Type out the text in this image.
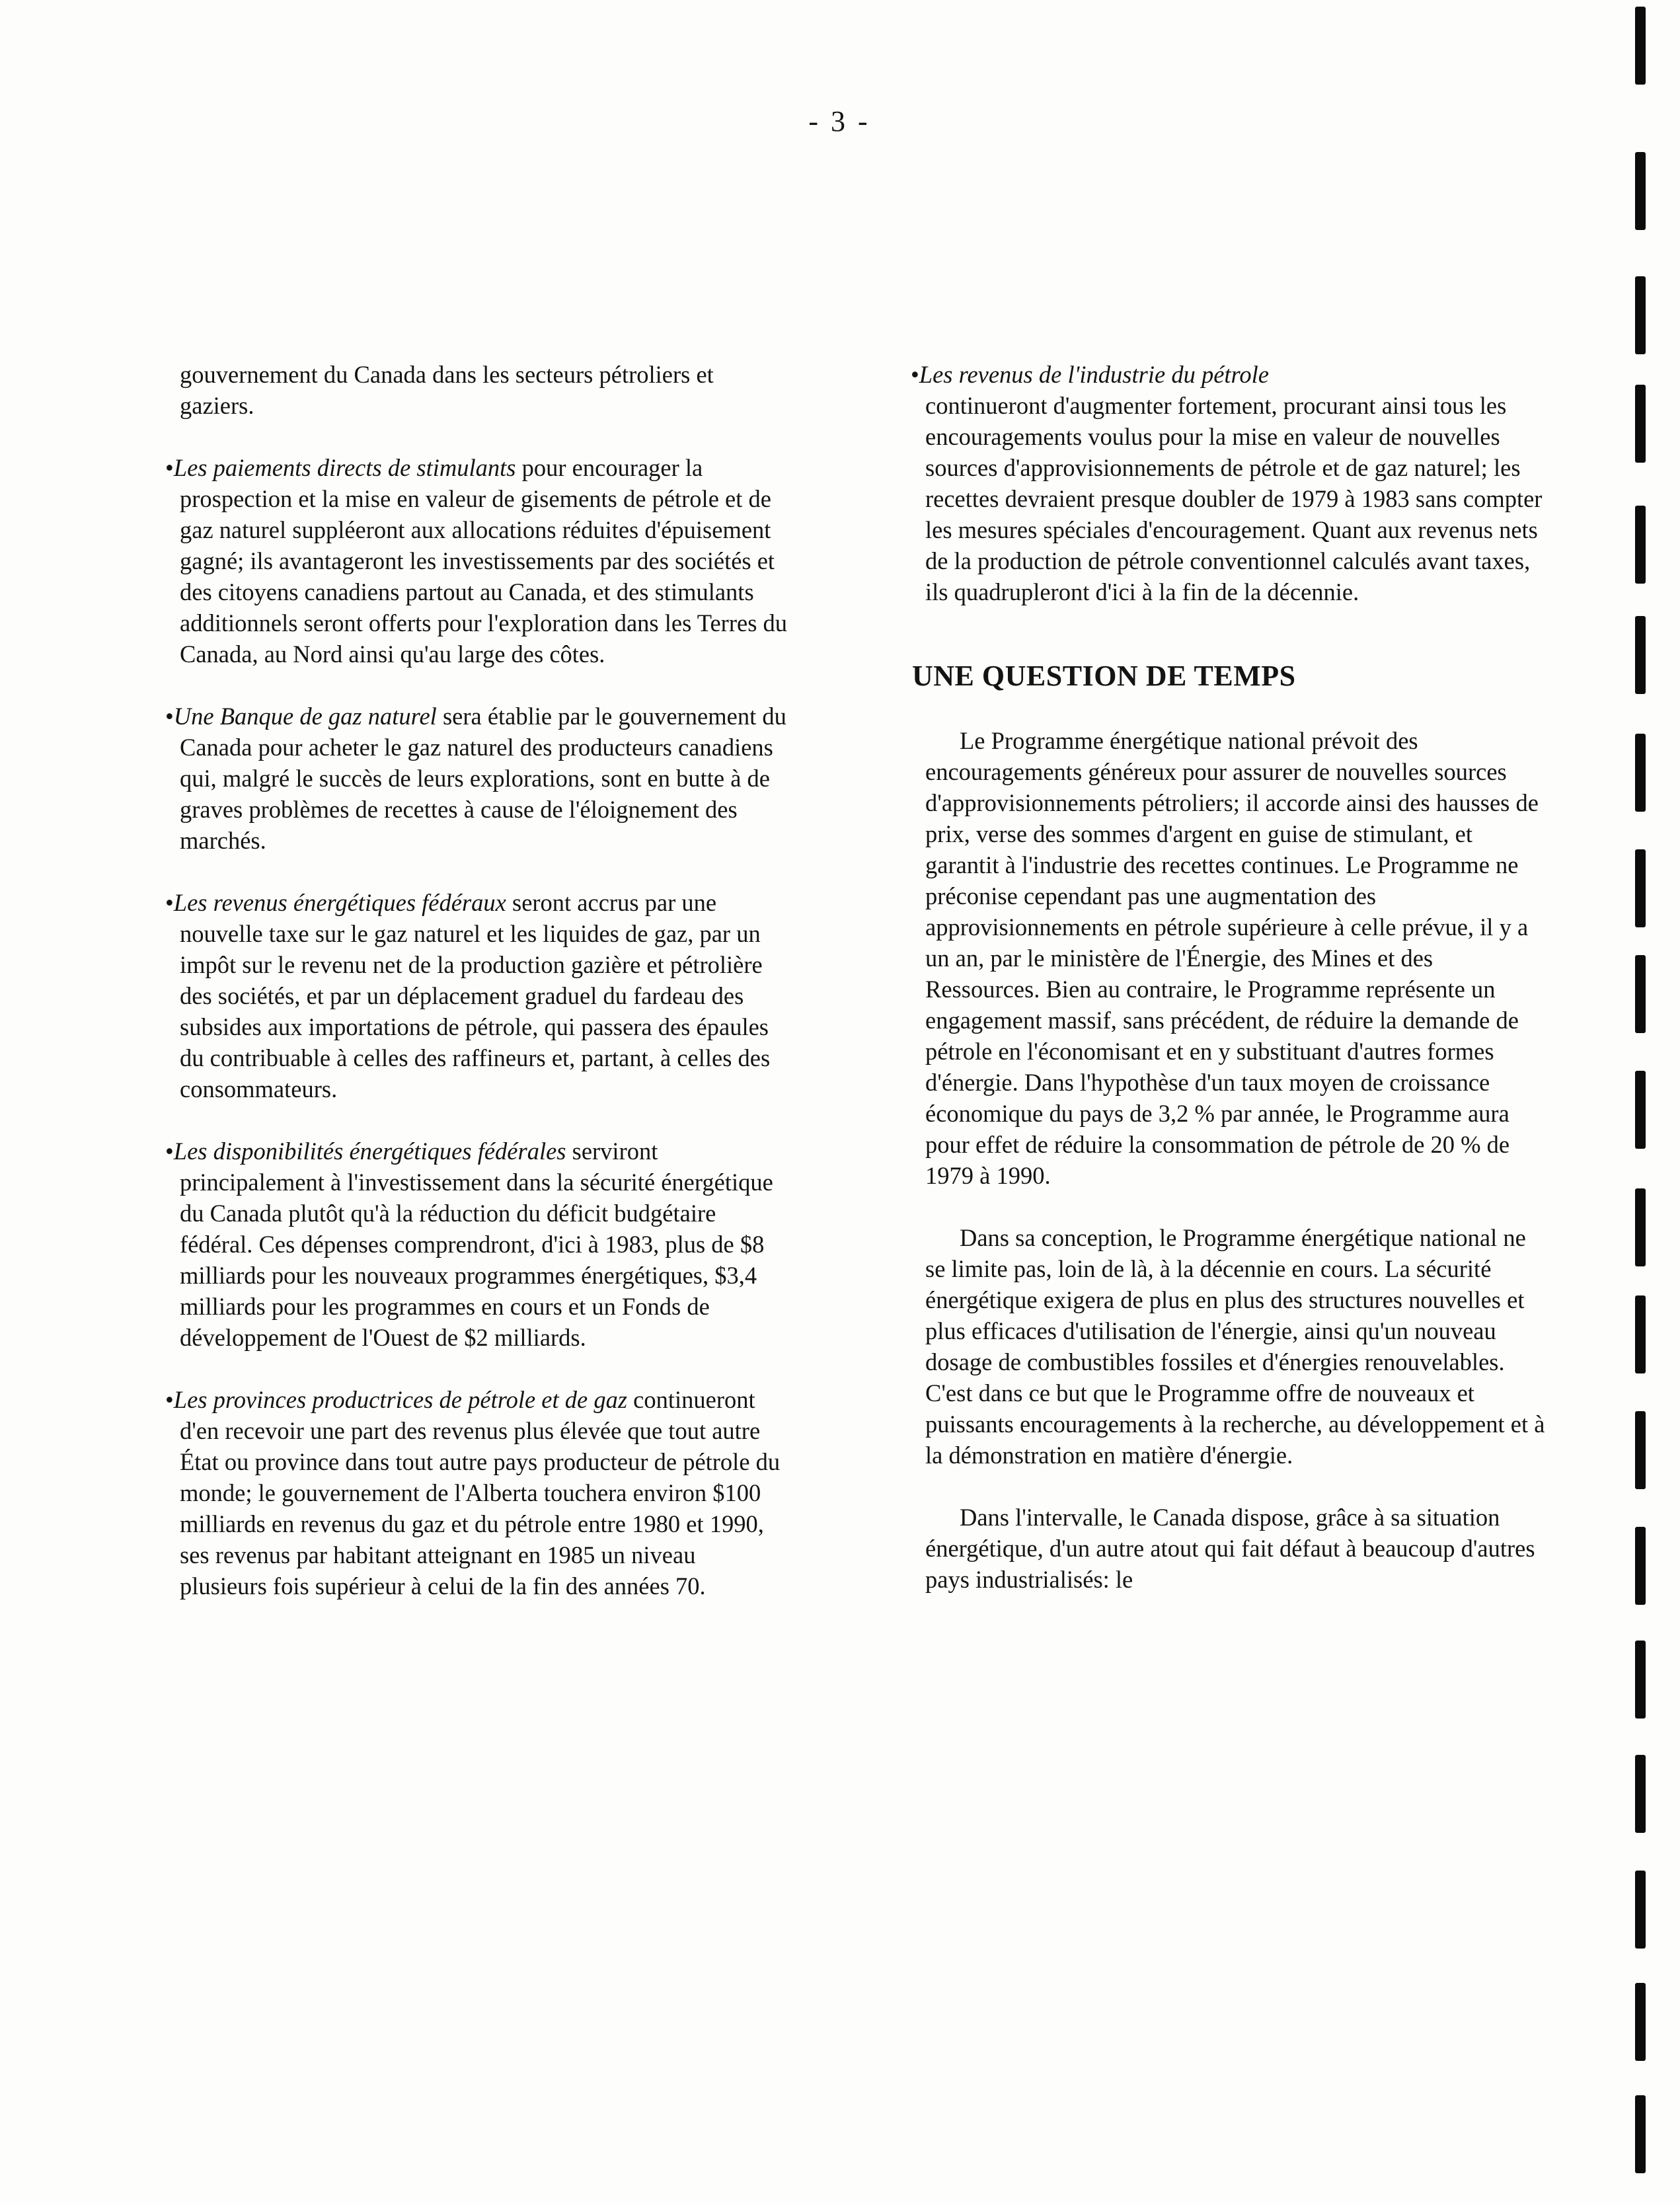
- 3 -
gouvernement du Canada dans les secteurs pétroliers et gaziers.
•Les paiements directs de stimulants pour encourager la prospection et la mise en valeur de gisements de pétrole et de gaz naturel suppléeront aux allocations réduites d'épuisement gagné; ils avantageront les investissements par des sociétés et des citoyens canadiens partout au Canada, et des stimulants additionnels seront offerts pour l'exploration dans les Terres du Canada, au Nord ainsi qu'au large des côtes.
•Une Banque de gaz naturel sera établie par le gouvernement du Canada pour acheter le gaz naturel des producteurs canadiens qui, malgré le succès de leurs explorations, sont en butte à de graves problèmes de recettes à cause de l'éloignement des marchés.
•Les revenus énergétiques fédéraux seront accrus par une nouvelle taxe sur le gaz naturel et les liquides de gaz, par un impôt sur le revenu net de la production gazière et pétrolière des sociétés, et par un déplacement graduel du fardeau des subsides aux importations de pétrole, qui passera des épaules du contribuable à celles des raffineurs et, partant, à celles des consommateurs.
•Les disponibilités énergétiques fédérales serviront principalement à l'investissement dans la sécurité énergétique du Canada plutôt qu'à la réduction du déficit budgétaire fédéral. Ces dépenses comprendront, d'ici à 1983, plus de $8 milliards pour les nouveaux programmes énergétiques, $3,4 milliards pour les programmes en cours et un Fonds de développement de l'Ouest de $2 milliards.
•Les provinces productrices de pétrole et de gaz continueront d'en recevoir une part des revenus plus élevée que tout autre État ou province dans tout autre pays producteur de pétrole du monde; le gouvernement de l'Alberta touchera environ $100 milliards en revenus du gaz et du pétrole entre 1980 et 1990, ses revenus par habitant atteignant en 1985 un niveau plusieurs fois supérieur à celui de la fin des années 70.
•Les revenus de l'industrie du pétrole
continueront d'augmenter fortement, procurant ainsi tous les encouragements voulus pour la mise en valeur de nouvelles sources d'approvisionnements de pétrole et de gaz naturel; les recettes devraient presque doubler de 1979 à 1983 sans compter les mesures spéciales d'encouragement. Quant aux revenus nets de la production de pétrole conventionnel calculés avant taxes, ils quadrupleront d'ici à la fin de la décennie.
UNE QUESTION DE TEMPS
Le Programme énergétique national prévoit des encouragements généreux pour assurer de nouvelles sources d'approvisionnements pétroliers; il accorde ainsi des hausses de prix, verse des sommes d'argent en guise de stimulant, et garantit à l'industrie des recettes continues. Le Programme ne préconise cependant pas une augmentation des approvisionnements en pétrole supérieure à celle prévue, il y a un an, par le ministère de l'Énergie, des Mines et des Ressources. Bien au contraire, le Programme représente un engagement massif, sans précédent, de réduire la demande de pétrole en l'économisant et en y substituant d'autres formes d'énergie. Dans l'hypothèse d'un taux moyen de croissance économique du pays de 3,2 % par année, le Programme aura pour effet de réduire la consommation de pétrole de 20 % de 1979 à 1990.
Dans sa conception, le Programme énergétique national ne se limite pas, loin de là, à la décennie en cours. La sécurité énergétique exigera de plus en plus des structures nouvelles et plus efficaces d'utilisation de l'énergie, ainsi qu'un nouveau dosage de combustibles fossiles et d'énergies renouvelables. C'est dans ce but que le Programme offre de nouveaux et puissants encouragements à la recherche, au développement et à la démonstration en matière d'énergie.
Dans l'intervalle, le Canada dispose, grâce à sa situation énergétique, d'un autre atout qui fait défaut à beaucoup d'autres pays industrialisés: le
